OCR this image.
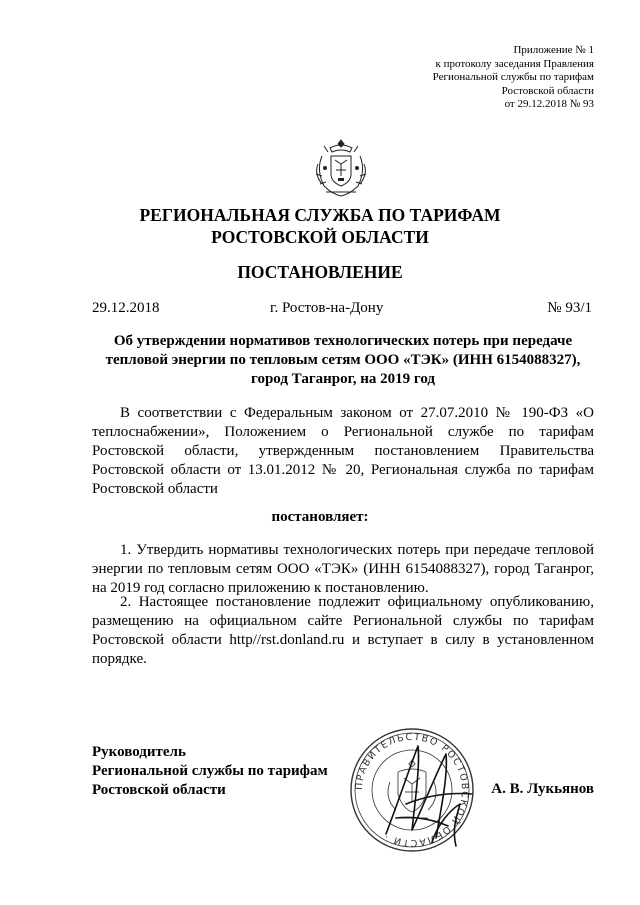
Приложение № 1
к протоколу заседания Правления
Региональной службы по тарифам
Ростовской области
от 29.12.2018 № 93
РЕГИОНАЛЬНАЯ СЛУЖБА ПО ТАРИФАМ
РОСТОВСКОЙ ОБЛАСТИ
ПОСТАНОВЛЕНИЕ
29.12.2018	г. Ростов-на-Дону	№ 93/1
Об утверждении нормативов технологических потерь при передаче
тепловой энергии по тепловым сетям ООО «ТЭК» (ИНН 6154088327),
город Таганрог, на 2019 год
В соответствии с Федеральным законом от 27.07.2010 № 190-ФЗ «О теплоснабжении», Положением о Региональной службе по тарифам Ростовской области, утвержденным постановлением Правительства Ростовской области от 13.01.2012 № 20, Региональная служба по тарифам Ростовской области
постановляет:
1. Утвердить нормативы технологических потерь при передаче тепловой энергии по тепловым сетям ООО «ТЭК» (ИНН 6154088327), город Таганрог, на 2019 год согласно приложению к постановлению.
2. Настоящее постановление подлежит официальному опубликованию, размещению на официальном сайте Региональной службы по тарифам Ростовской области http//rst.donland.ru и вступает в силу в установленном порядке.
ПРАВИТЕЛЬСТВО РОСТОВСКОЙ ОБЛАСТИ ·
Руководитель
Региональной службы по тарифам
Ростовской области	А. В. Лукьянов
